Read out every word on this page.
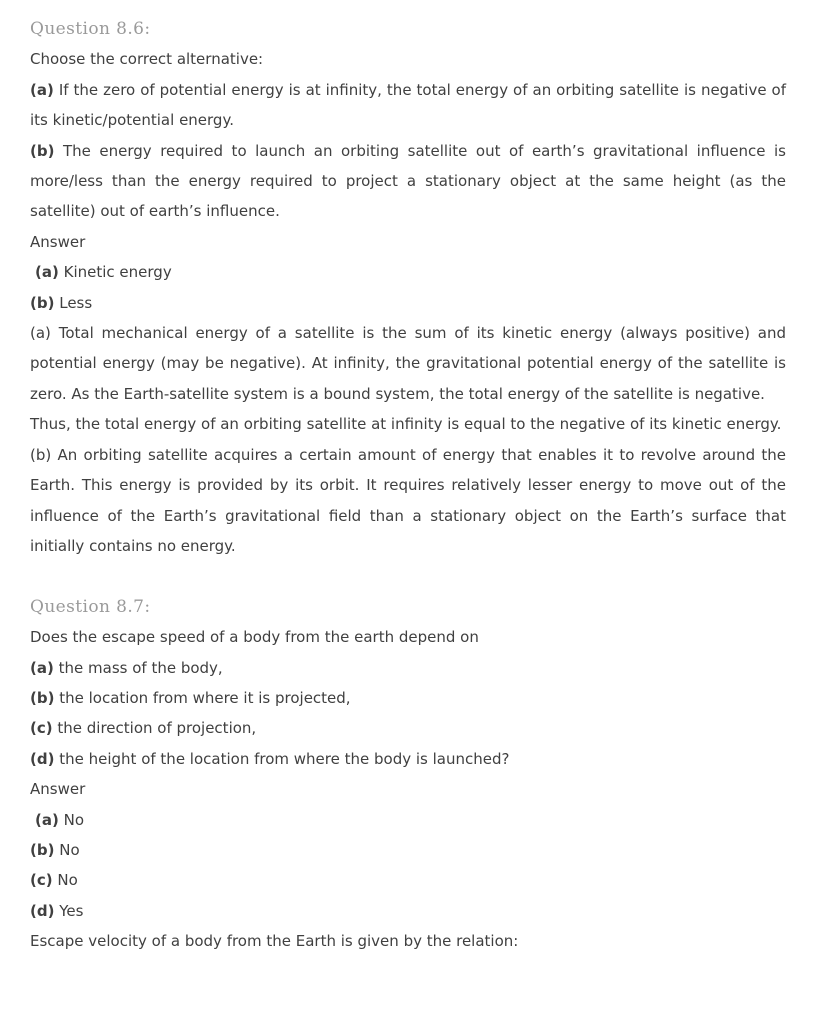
Question 8.6:

Choose the correct alternative:

(a) If the zero of potential energy is at infinity, the total energy of an orbiting satellite is negative of its kinetic/potential energy.

(b) The energy required to launch an orbiting satellite out of earth’s gravitational influence is more/less than the energy required to project a stationary object at the same height (as the satellite) out of earth’s influence.

Answer

(a) Kinetic energy

(b) Less

(a) Total mechanical energy of a satellite is the sum of its kinetic energy (always positive) and potential energy (may be negative). At infinity, the gravitational potential energy of the satellite is zero. As the Earth-satellite system is a bound system, the total energy of the satellite is negative.

Thus, the total energy of an orbiting satellite at infinity is equal to the negative of its kinetic energy.

(b) An orbiting satellite acquires a certain amount of energy that enables it to revolve around the Earth. This energy is provided by its orbit. It requires relatively lesser energy to move out of the influence of the Earth’s gravitational field than a stationary object on the Earth’s surface that initially contains no energy.

Question 8.7:

Does the escape speed of a body from the earth depend on

(a) the mass of the body,

(b) the location from where it is projected,

(c) the direction of projection,

(d) the height of the location from where the body is launched?

Answer

(a) No

(b) No

(c) No

(d) Yes

Escape velocity of a body from the Earth is given by the relation:
